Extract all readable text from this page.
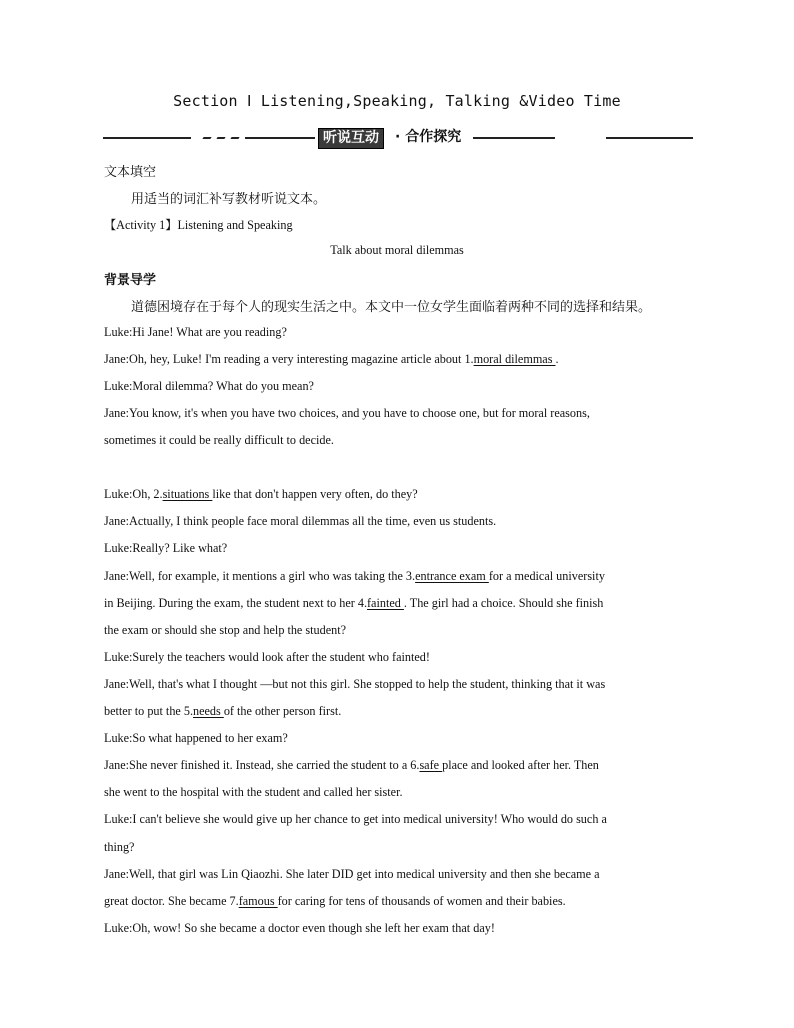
Section Ⅰ Listening,Speaking, Talking &Video Time
听说互动	· 合作探究
文本填空
用适当的词汇补写教材听说文本。
【Activity 1】Listening and Speaking
Talk about moral dilemmas
背景导学
道德困境存在于每个人的现实生活之中。本文中一位女学生面临着两种不同的选择和结果。
Luke:Hi Jane! What are you reading?
Jane:Oh, hey, Luke! I'm reading a very interesting magazine article about 1.moral dilemmas .
Luke:Moral dilemma? What do you mean?
Jane:You know, it's when you have two choices, and you have to choose one, but for moral reasons,
sometimes it could be really difficult to decide.
Luke:Oh, 2.situations like that don't happen very often, do they?
Jane:Actually, I think people face moral dilemmas all the time, even us students.
Luke:Really? Like what?
Jane:Well, for example, it mentions a girl who was taking the 3.entrance exam for a medical university
in Beijing. During the exam, the student next to her 4.fainted . The girl had a choice. Should she finish
the exam or should she stop and help the student?
Luke:Surely the teachers would look after the student who fainted!
Jane:Well, that's what I thought —but not this girl. She stopped to help the student, thinking that it was
better to put the 5.needs of the other person first.
Luke:So what happened to her exam?
Jane:She never finished it. Instead, she carried the student to a 6.safe place and looked after her. Then
she went to the hospital with the student and called her sister.
Luke:I can't believe she would give up her chance to get into medical university! Who would do such a
thing?
Jane:Well, that girl was Lin Qiaozhi. She later DID get into medical university and then she became a
great doctor. She became 7.famous for caring for tens of thousands of women and their babies.
Luke:Oh, wow! So she became a doctor even though she left her exam that day!
